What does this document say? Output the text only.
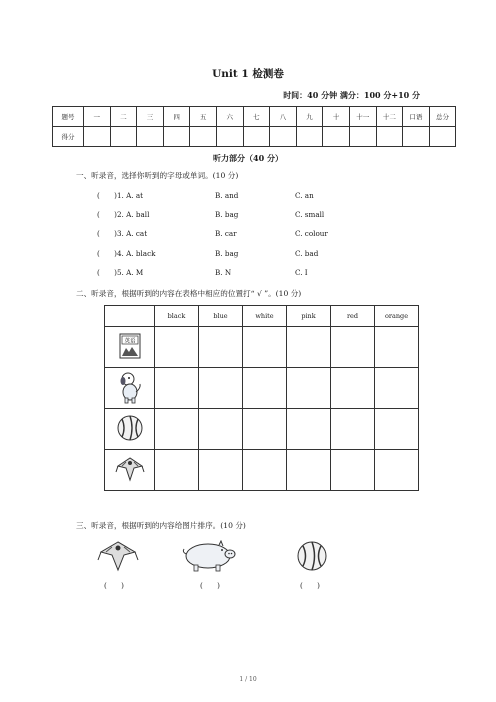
Unit 1 检测卷
时间：40 分钟 满分：100 分+10 分
题号	一	二	三	四	五	六	七	八	九	十	十一	十二	口语	总分
得分														
听力部分（40 分）
一、听录音，选择你听到的字母或单词。(10 分)
(　　)1. A. at	B. and	C. an
(　　)2. A. ball	B. bag	C. small
(　　)3. A. cat	B. car	C. colour
(　　)4. A. black	B. bag	C. bad
(　　)5. A. M	B. N	C. I
二、听录音，根据听到的内容在表格中相应的位置打“ √ ”。(10 分)
	black	blue	white	pink	red	orange

英语						

三、听录音，根据听到的内容给图片排序。(10 分)
(　　)	(　　)	(　　)
1 / 10
